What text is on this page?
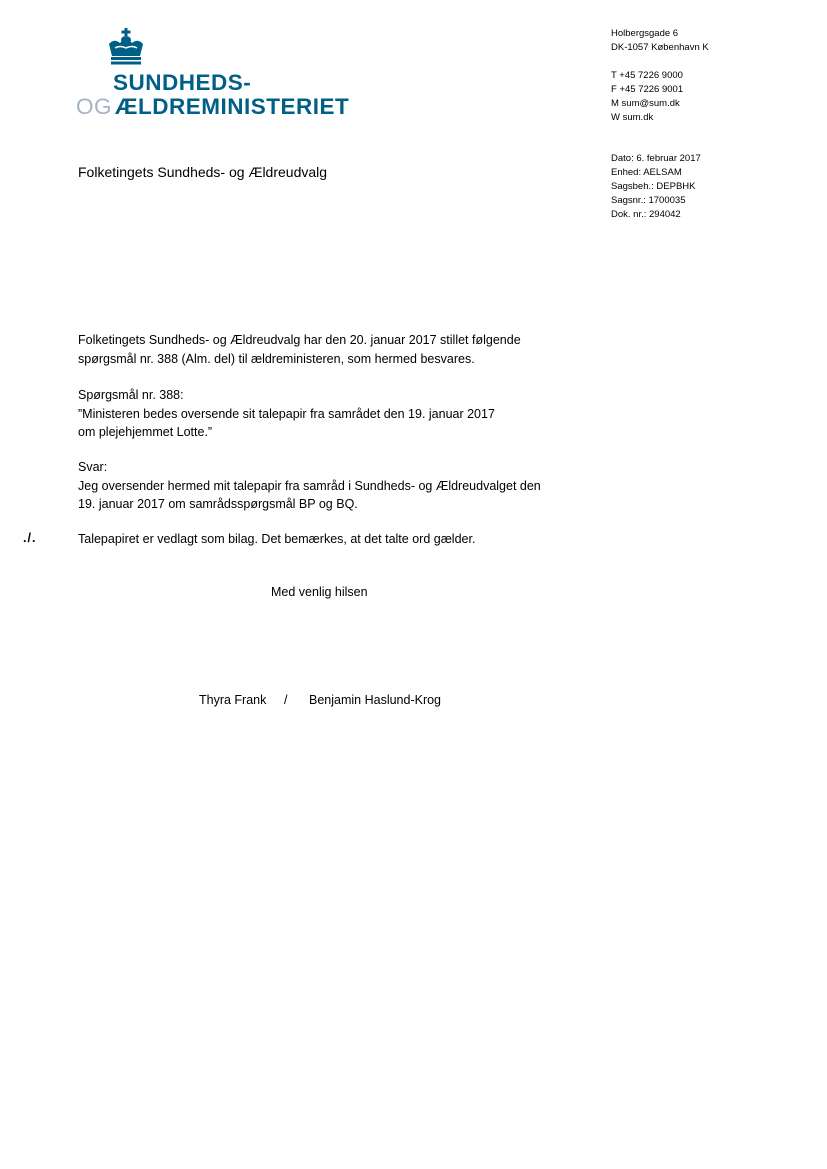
SUNDHEDS-
OG ÆLDREMINISTERIET
Holbergsgade 6
DK-1057 København K
T +45 7226 9000
F +45 7226 9001
M sum@sum.dk
W sum.dk
Dato: 6. februar 2017
Enhed: AELSAM
Sagsbeh.: DEPBHK
Sagsnr.: 1700035
Dok. nr.: 294042
Folketingets Sundheds- og Ældreudvalg
Folketingets Sundheds- og Ældreudvalg har den 20. januar 2017 stillet følgende
spørgsmål nr. 388 (Alm. del) til ældreministeren, som hermed besvares.
Spørgsmål nr. 388:
”Ministeren bedes oversende sit talepapir fra samrådet den 19. januar 2017
om plejehjemmet Lotte.”
Svar:
Jeg oversender hermed mit talepapir fra samråd i Sundheds- og Ældreudvalget den
19. januar 2017 om samrådsspørgsmål BP og BQ.
./.	Talepapiret er vedlagt som bilag. Det bemærkes, at det talte ord gælder.
Med venlig hilsen
Thyra Frank / Benjamin Haslund-Krog
